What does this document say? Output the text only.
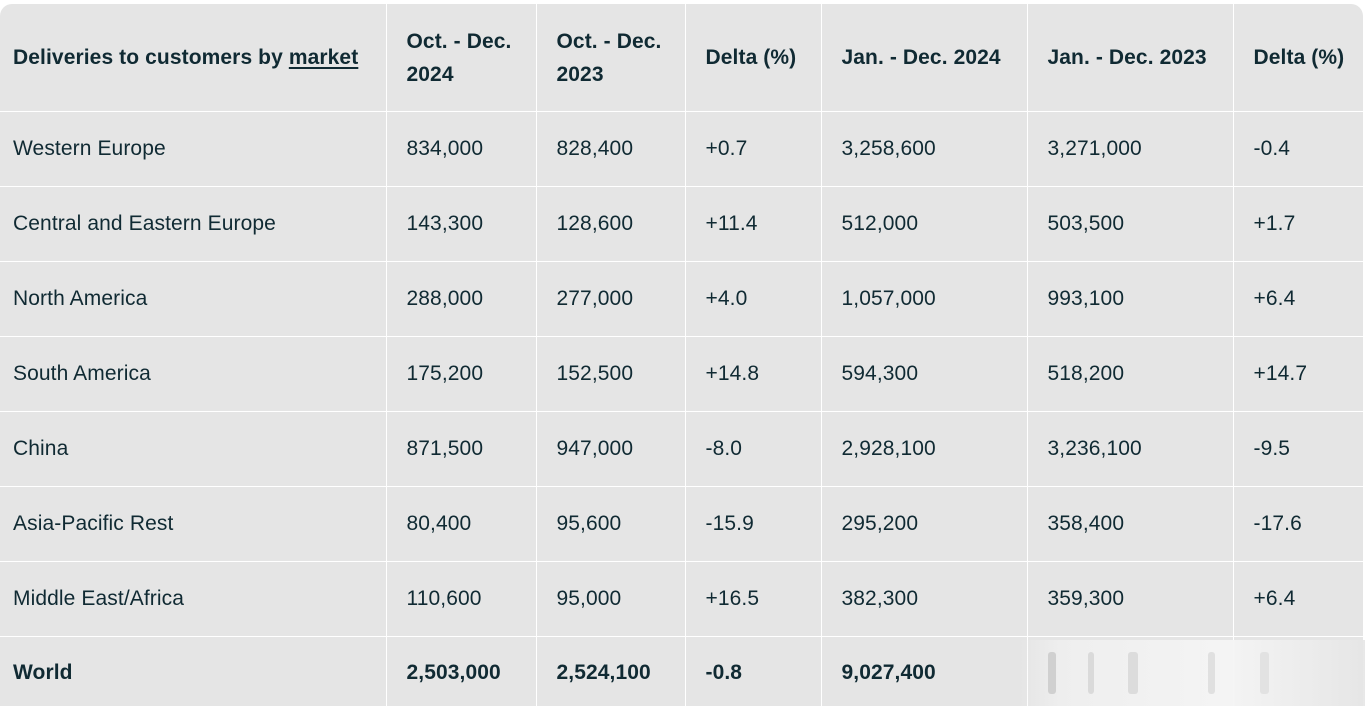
Deliveries to customers by market	Oct. - Dec. 2024	Oct. - Dec. 2023	Delta (%)	Jan. - Dec. 2024	Jan. - Dec. 2023	Delta (%)
Western Europe	834,000	828,400	+0.7	3,258,600	3,271,000	-0.4
Central and Eastern Europe	143,300	128,600	+11.4	512,000	503,500	+1.7
North America	288,000	277,000	+4.0	1,057,000	993,100	+6.4
South America	175,200	152,500	+14.8	594,300	518,200	+14.7
China	871,500	947,000	-8.0	2,928,100	3,236,100	-9.5
Asia-Pacific Rest	80,400	95,600	-15.9	295,200	358,400	-17.6
Middle East/Africa	110,600	95,000	+16.5	382,300	359,300	+6.4
World	2,503,000	2,524,100	-0.8	9,027,400		
